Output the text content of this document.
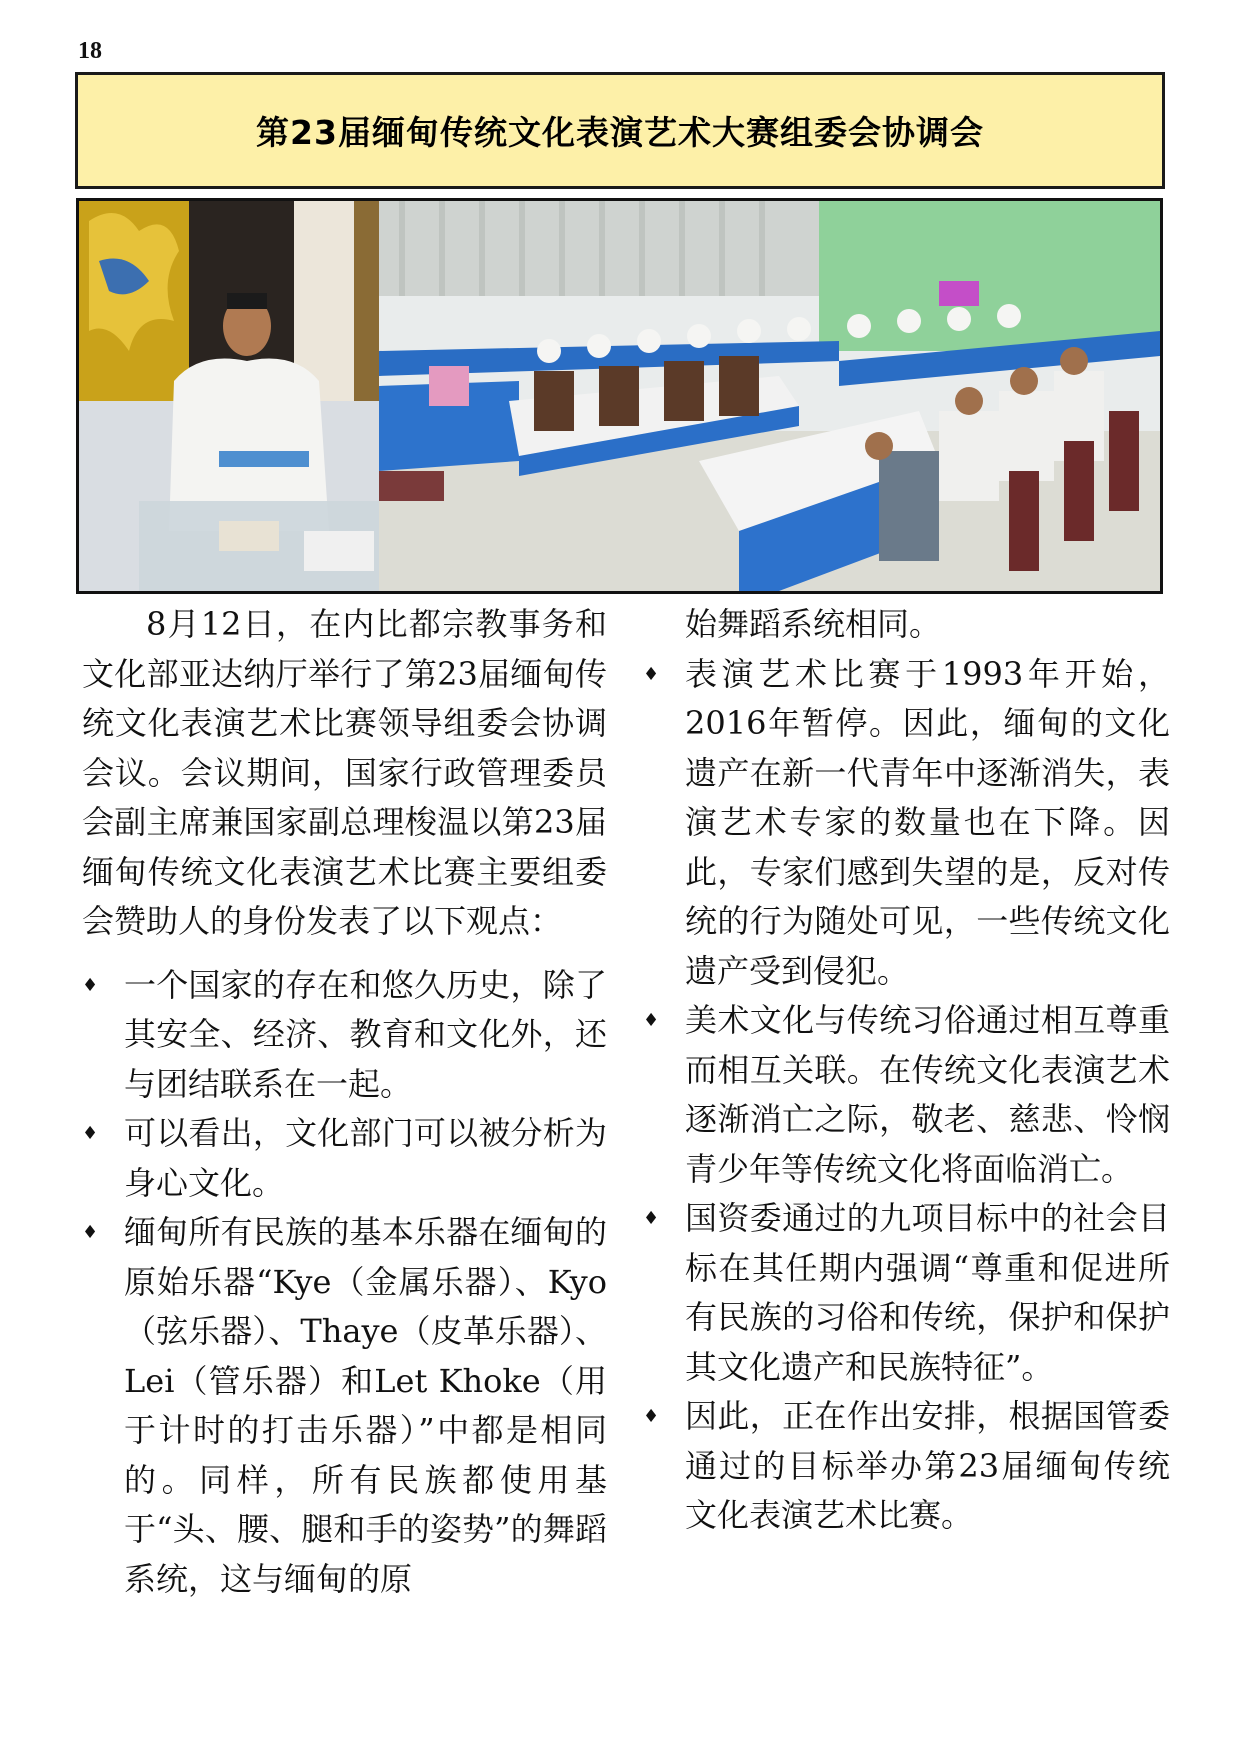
18
第23届缅甸传统文化表演艺术大赛组委会协调会

8月12日，在内比都宗教事务和文化部亚达纳厅举行了第23届缅甸传统文化表演艺术比赛领导组委会协调会议。会议期间，国家行政管理委员会副主席兼国家副总理梭温以第23届缅甸传统文化表演艺术比赛主要组委会赞助人的身份发表了以下观点：

♦ 一个国家的存在和悠久历史，除了其安全、经济、教育和文化外，还与团结联系在一起。
♦ 可以看出，文化部门可以被分析为身心文化。
♦ 缅甸所有民族的基本乐器在缅甸的原始乐器“Kye（金属乐器）、Kyo（弦乐器）、Thaye（皮革乐器）、Lei（管乐器）和Let Khoke（用于计时的打击乐器）”中都是相同的。同样，所有民族都使用基于“头、腰、腿和手的姿势”的舞蹈系统，这与缅甸的原

始舞蹈系统相同。

♦ 表演艺术比赛于1993年开始，2016年暂停。因此，缅甸的文化遗产在新一代青年中逐渐消失，表演艺术专家的数量也在下降。因此，专家们感到失望的是，反对传统的行为随处可见，一些传统文化遗产受到侵犯。
♦ 美术文化与传统习俗通过相互尊重而相互关联。在传统文化表演艺术逐渐消亡之际，敬老、慈悲、怜悯青少年等传统文化将面临消亡。
♦ 国资委通过的九项目标中的社会目标在其任期内强调“尊重和促进所有民族的习俗和传统，保护和保护其文化遗产和民族特征”。
♦ 因此，正在作出安排，根据国管委通过的目标举办第23届缅甸传统文化表演艺术比赛。
